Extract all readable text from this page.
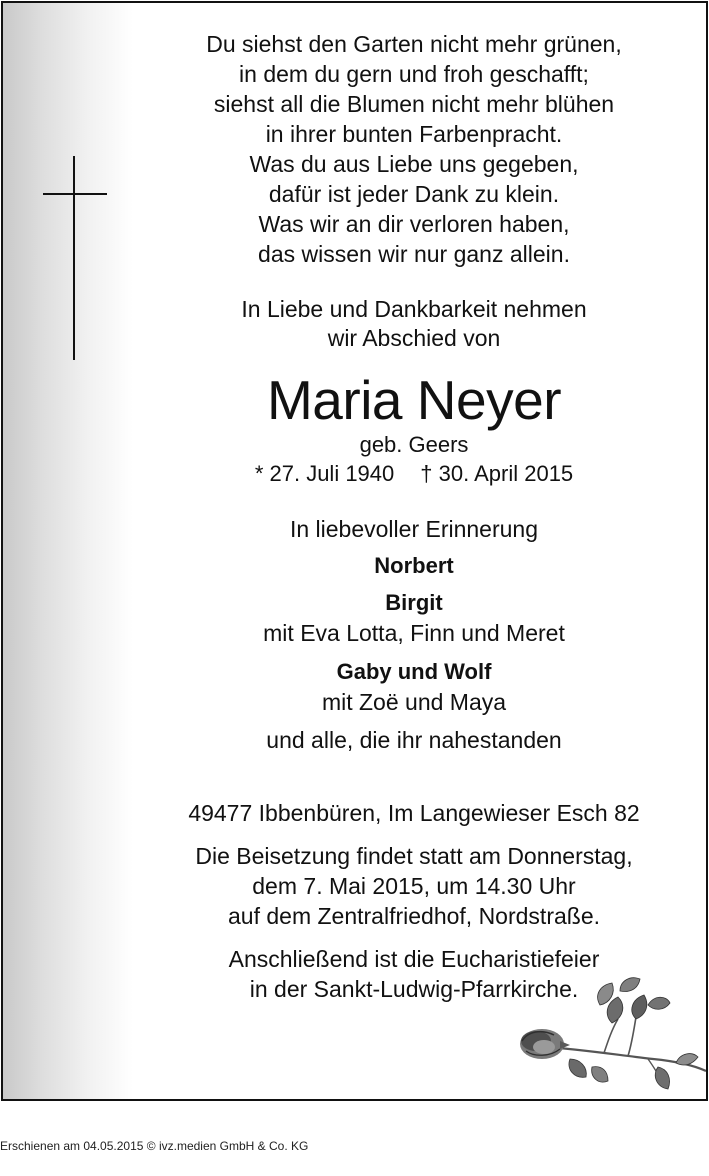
Du siehst den Garten nicht mehr grünen,

in dem du gern und froh geschafft;

siehst all die Blumen nicht mehr blühen

in ihrer bunten Farbenpracht.

Was du aus Liebe uns gegeben,

dafür ist jeder Dank zu klein.

Was wir an dir verloren haben,

das wissen wir nur ganz allein.

In Liebe und Dankbarkeit nehmen

wir Abschied von

Maria Neyer
geb. Geers
* 27. Juli 1940 † 30. April 2015
In liebevoller Erinnerung
Norbert
Birgit
mit Eva Lotta, Finn und Meret
Gaby und Wolf
mit Zoë und Maya
und alle, die ihr nahestanden
49477 Ibbenbüren, Im Langewieser Esch 82

Die Beisetzung findet statt am Donnerstag,

dem 7. Mai 2015, um 14.30 Uhr

auf dem Zentralfriedhof, Nordstraße.

Anschließend ist die Eucharistiefeier

in der Sankt-Ludwig-Pfarrkirche.

Erschienen am 04.05.2015 © ivz.medien GmbH & Co. KG
